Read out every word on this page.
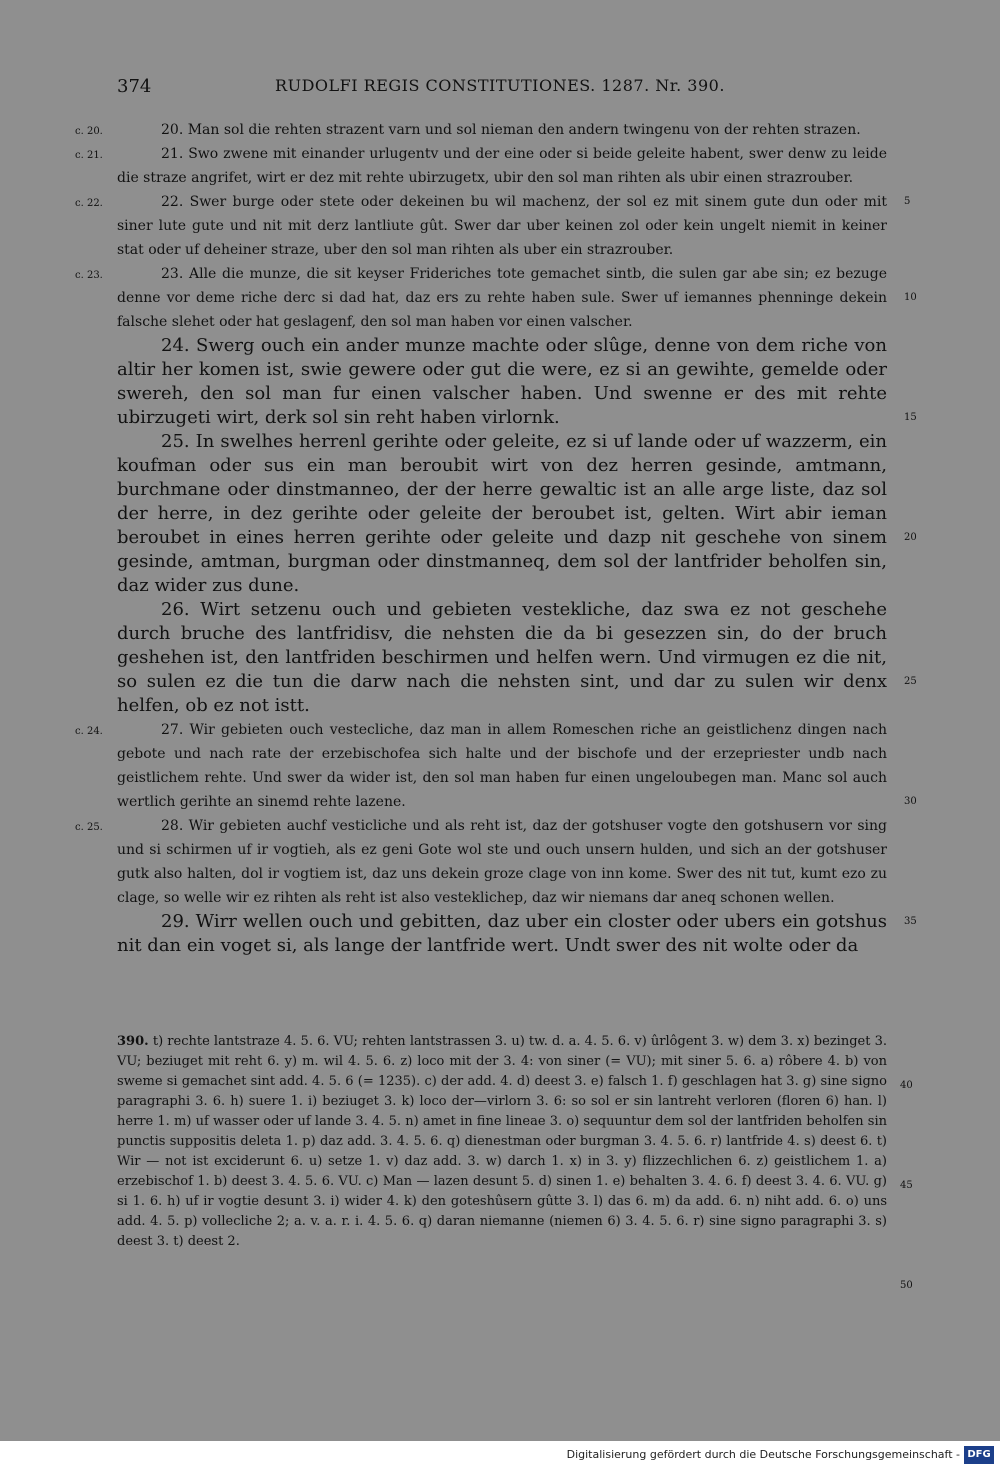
374	RUDOLFI REGIS CONSTITUTIONES. 1287. Nr. 390.

c. 20.	20. Man sol die rehten strazent varn und sol nieman den andern twingenu von der rehten strazen.

c. 21.	21. Swo zwene mit einander urlugentv und der eine oder si beide geleite habent, swer denw zu leide die straze angrifet, wirt er dez mit rehte ubirzugetx, ubir den sol man rihten als ubir einen strazrouber.
5

c. 22.	22. Swer burge oder stete oder dekeinen bu wil machenz, der sol ez mit sinem gute dun oder mit siner lute gute und nit mit derz lantliute gût. Swer dar uber keinen zol oder kein ungelt niemit in keiner stat oder uf deheiner straze, uber den sol man rihten als uber ein strazrouber.

c. 23.	23. Alle die munze, die sit keyser Frideriches tote gemachet sintb, die sulen gar abe sin; ez bezuge denne vor deme riche derc si dad hat, daz ers zu rehte haben sule. Swer uf iemannes phenninge dekein falsche slehet oder hat geslagenf, den sol man haben vor einen valscher.
10

24. Swerg ouch ein ander munze machte oder slûge, denne von dem riche von altir her komen ist, swie gewere oder gut die were, ez si an gewihte, gemelde oder swereh, den sol man fur einen valscher haben. Und swenne er des mit rehte ubirzugeti wirt, derk sol sin reht haben virlornk.	15

25. In swelhes herrenl gerihte oder geleite, ez si uf lande oder uf wazzerm, ein koufman oder sus ein man beroubit wirt von dez herren gesinde, amtmann, burchmane oder dinstmanneo, der der herre gewaltic ist an alle arge liste, daz sol der herre, in dez gerihte oder geleite der beroubet ist, gelten. Wirt abir ieman beroubet in eines herren gerihte oder geleite und dazp nit geschehe von sinem gesinde, amtman, burgman oder dinstmanneq, dem sol der lantfrider beholfen sin, daz wider zus dune.
20

26. Wirt setzenu ouch und gebieten vestekliche, daz swa ez not geschehe durch bruche des lantfridisv, die nehsten die da bi gesezzen sin, do der bruch geshehen ist, den lantfriden beschirmen und helfen wern. Und virmugen ez die nit, so sulen ez die tun die darw nach die nehsten sint, und dar zu sulen wir denx helfen, ob ez not istt.
25

c. 24.	27. Wir gebieten ouch vestecliche, daz man in allem Romeschen riche an geistlichenz dingen nach gebote und nach rate der erzebischofea sich halte und der bischofe und der erzepriester undb nach geistlichem rehte. Und swer da wider ist, den sol man haben fur einen ungeloubegen man. Manc sol auch wertlich gerihte an sinemd rehte lazene.	30

c. 25.	28. Wir gebieten auchf vesticliche und als reht ist, daz der gotshuser vogte den gotshusern vor sing und si schirmen uf ir vogtieh, als ez geni Gote wol ste und ouch unsern hulden, und sich an der gotshuser gutk also halten, dol ir vogtiem ist, daz uns dekein groze clage von inn kome. Swer des nit tut, kumt ezo zu clage, so welle wir ez rihten als reht ist also vesteklichep, daz wir niemans dar aneq schonen wellen.
35

29. Wirr wellen ouch und gebitten, daz uber ein closter oder ubers ein gotshus nit dan ein voget si, als lange der lantfride wert. Undt swer des nit wolte oder da

390. t) rechte lantstraze 4. 5. 6. VU; rehten lantstrassen 3. u) tw. d. a. 4. 5. 6. v) ûrlôgent 3. w) dem 3. x) bezinget 3. VU; beziuget mit reht 6. y) m. wil 4. 5. 6. z) loco mit der 3. 4: von siner (= VU); mit siner 5. 6. a) rôbere 4. b) von sweme si gemachet sint add. 4. 5. 6 (= 1235). c) der add. 4. d) deest 3. e) falsch 1. f) geschlagen hat 3. g) sine signo paragraphi 3. 6. h) suere 1. i) beziuget 3. k) loco der—virlorn 3. 6: so sol er sin lantreht verloren (floren 6) han. l) herre 1. m) uf wasser oder uf lande 3. 4. 5. n) amet in fine lineae 3. o) sequuntur dem sol der lantfriden beholfen sin punctis suppositis deleta 1. p) daz add. 3. 4. 5. 6. q) dienestman oder burgman 3. 4. 5. 6. r) lantfride 4. s) deest 6. t) Wir — not ist exciderunt 6. u) setze 1. v) daz add. 3. w) darch 1. x) in 3. y) flizzechlichen 6. z) geistlichem 1. a) erzebischof 1. b) deest 3. 4. 5. 6. VU. c) Man — lazen desunt 5. d) sinen 1. e) behalten 3. 4. 6. f) deest 3. 4. 6. VU. g) si 1. 6. h) uf ir vogtie desunt 3. i) wider 4. k) den goteshûsern gûtte 3. l) das 6. m) da add. 6. n) niht add. 6. o) uns add. 4. 5. p) vollecliche 2; a. v. a. r. i. 4. 5. 6. q) daran niemanne (niemen 6) 3. 4. 5. 6. r) sine signo paragraphi 3. s) deest 3. t) deest 2.
40
45
50
Digitalisierung gefördert durch die Deutsche Forschungsgemeinschaft - DFG
